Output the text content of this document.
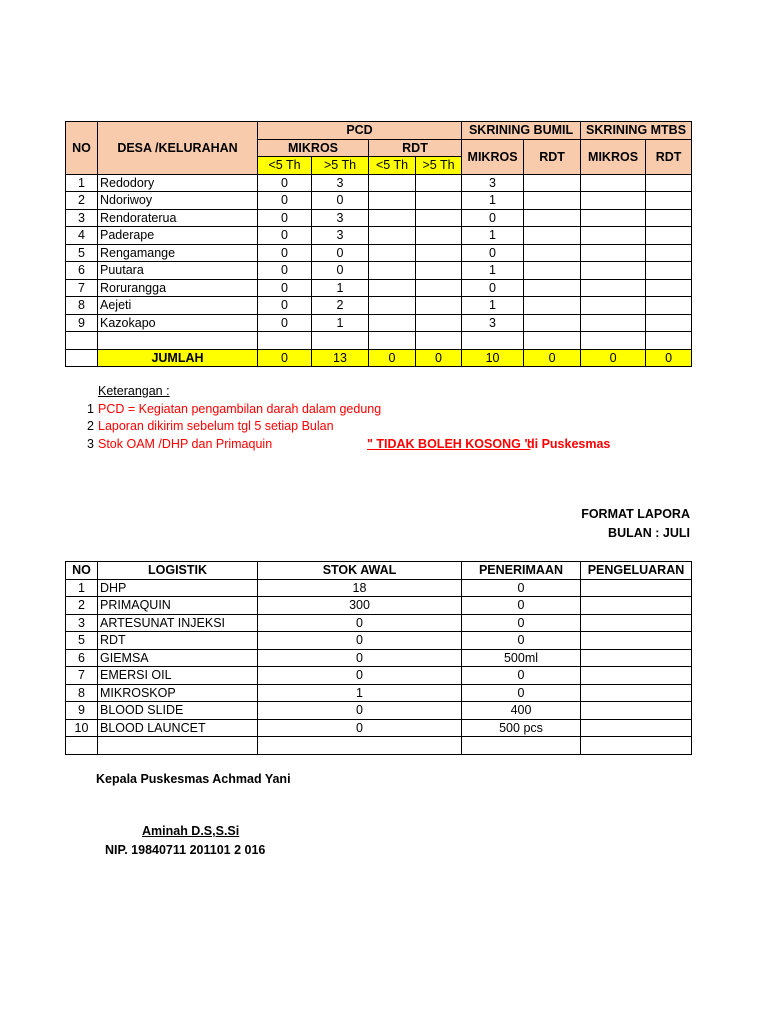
NO	DESA /KELURAHAN	PCD				SKRINING BUMIL		SKRINING MTBS	
		MIKROS		RDT		MIKROS	RDT	MIKROS	RDT
		<5 Th	>5 Th	<5 Th	>5 Th				
1	Redodory	0	3			3			
2	Ndoriwoy	0	0			1			
3	Rendoraterua	0	3			0			
4	Paderape	0	3			1			
5	Rengamange	0	0			0			
6	Puutara	0	0			1			
7	Rorurangga	0	1			0			
8	Aejeti	0	2			1			
9	Kazokapo	0	1			3			

	JUMLAH	0	13	0	0	10	0	0	0
Keterangan :
1 PCD = Kegiatan pengambilan darah dalam gedung
2 Laporan dikirim sebelum tgl 5 setiap Bulan
3 Stok OAM /DHP dan Primaquin	" TIDAK BOLEH KOSONG "
di Puskesmas
FORMAT LAPORA
BULAN : JULI
NO	LOGISTIK	STOK AWAL	PENERIMAAN	PENGELUARAN
1	DHP	18	0	
2	PRIMAQUIN	300	0	
3	ARTESUNAT INJEKSI	0	0	
5	RDT	0	0	
6	GIEMSA	0	500ml	
7	EMERSI OIL	0	0	
8	MIKROSKOP	1	0	
9	BLOOD SLIDE	0	400	
10	BLOOD LAUNCET	0	500 pcs	

Kepala Puskesmas Achmad Yani
Aminah D.S,S.Si
NIP. 19840711 201101 2 016
